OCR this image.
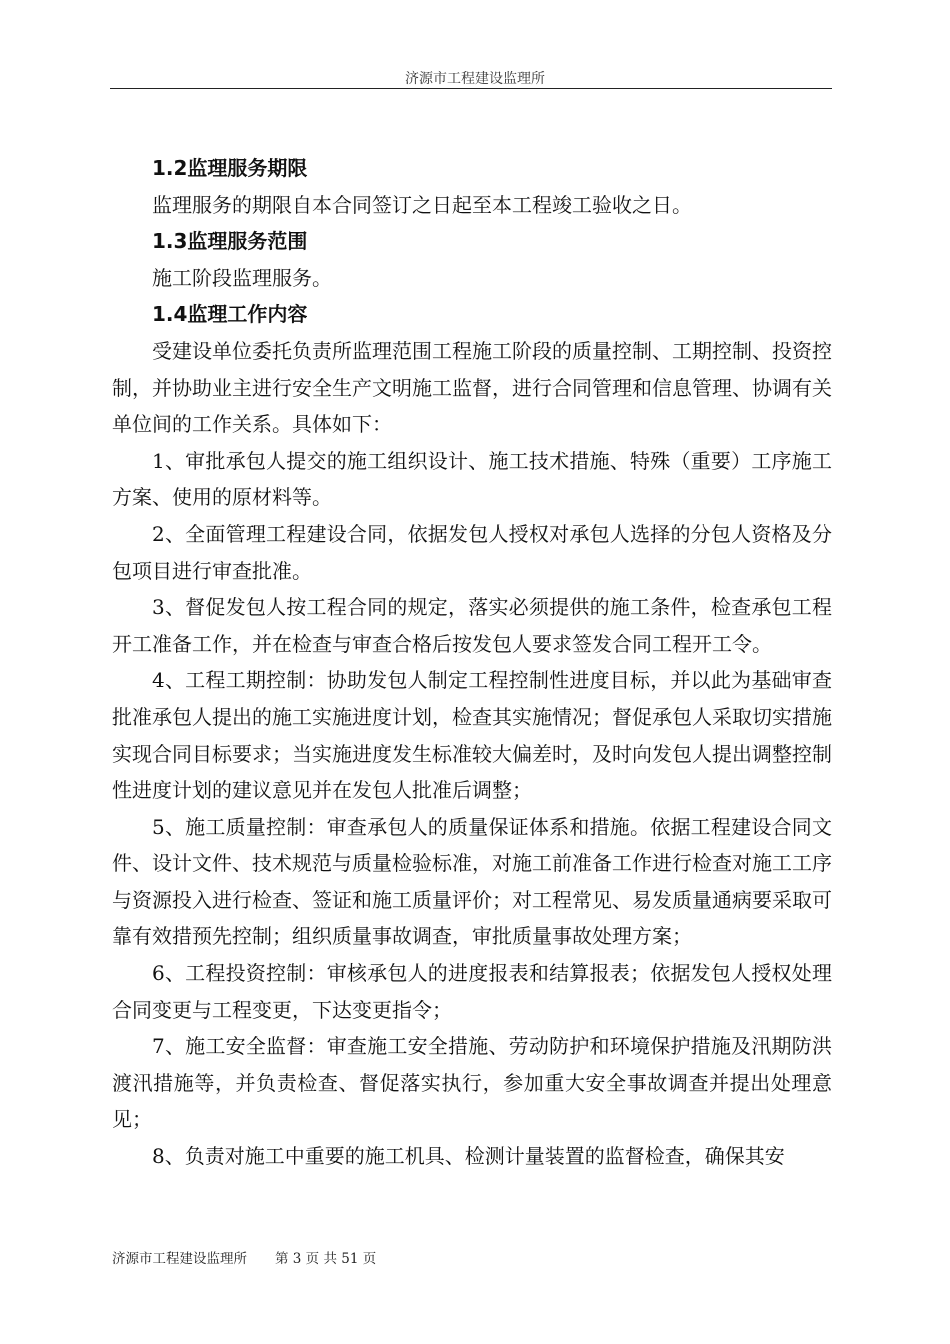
济源市工程建设监理所
1.2监理服务期限

监理服务的期限自本合同签订之日起至本工程竣工验收之日。

1.3监理服务范围

施工阶段监理服务。

1.4监理工作内容

受建设单位委托负责所监理范围工程施工阶段的质量控制、工期控制、投资控制，并协助业主进行安全生产文明施工监督，进行合同管理和信息管理、协调有关单位间的工作关系。具体如下：

1、审批承包人提交的施工组织设计、施工技术措施、特殊（重要）工序施工方案、使用的原材料等。

2、全面管理工程建设合同，依据发包人授权对承包人选择的分包人资格及分包项目进行审查批准。

3、督促发包人按工程合同的规定，落实必须提供的施工条件，检查承包工程开工准备工作，并在检查与审查合格后按发包人要求签发合同工程开工令。

4、工程工期控制：协助发包人制定工程控制性进度目标，并以此为基础审查批准承包人提出的施工实施进度计划，检查其实施情况；督促承包人采取切实措施实现合同目标要求；当实施进度发生标准较大偏差时，及时向发包人提出调整控制性进度计划的建议意见并在发包人批准后调整；

5、施工质量控制：审查承包人的质量保证体系和措施。依据工程建设合同文件、设计文件、技术规范与质量检验标准，对施工前准备工作进行检查对施工工序与资源投入进行检查、签证和施工质量评价；对工程常见、易发质量通病要采取可靠有效措预先控制；组织质量事故调查，审批质量事故处理方案；

6、工程投资控制：审核承包人的进度报表和结算报表；依据发包人授权处理合同变更与工程变更，下达变更指令；

7、施工安全监督：审查施工安全措施、劳动防护和环境保护措施及汛期防洪渡汛措施等，并负责检查、督促落实执行，参加重大安全事故调查并提出处理意见；

8、负责对施工中重要的施工机具、检测计量装置的监督检查，确保其安

济源市工程建设监理所 第 3 页 共 51 页
